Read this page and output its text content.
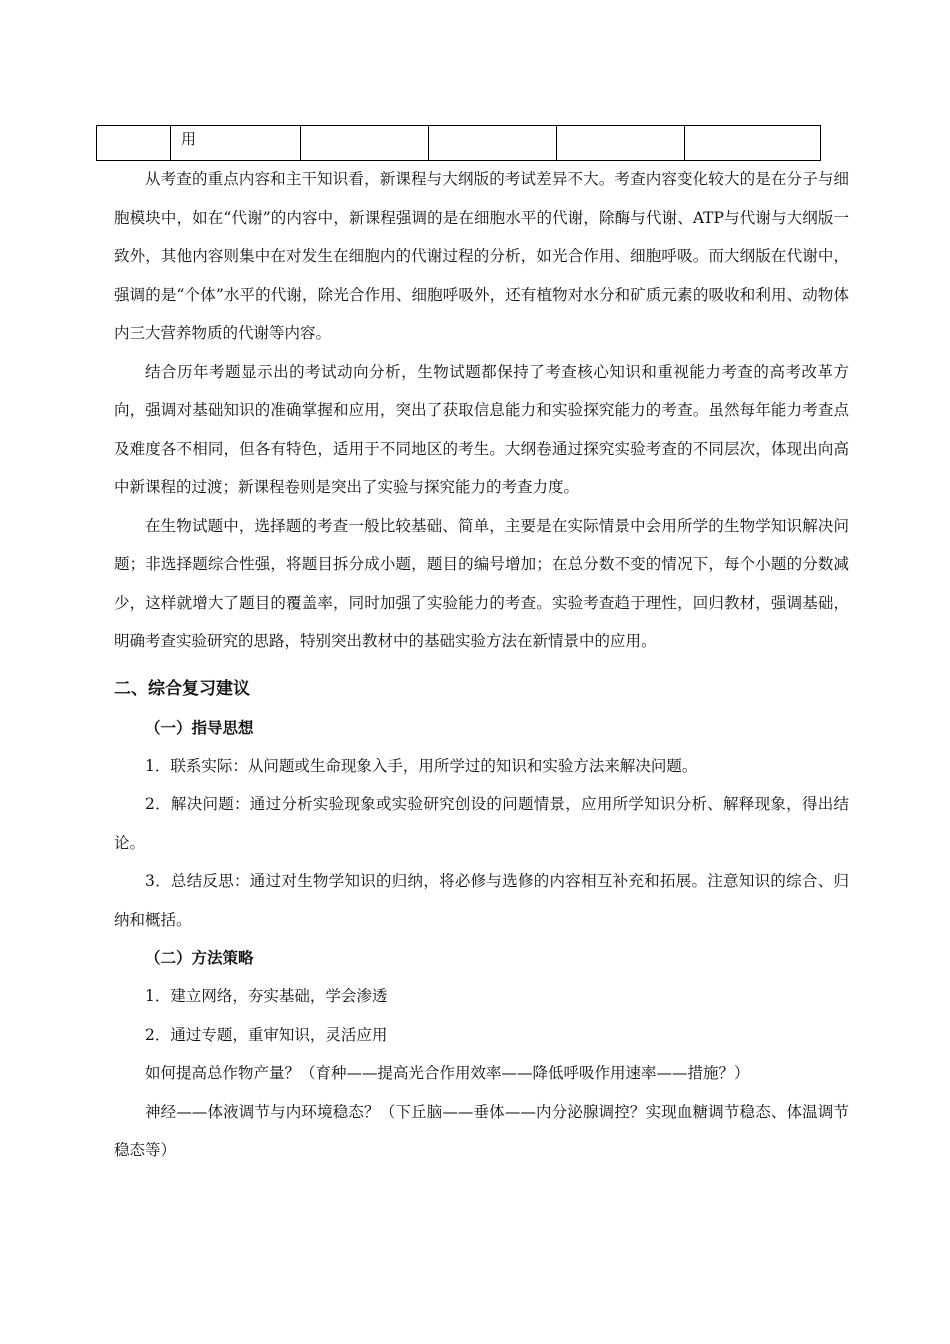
	用				

从考查的重点内容和主干知识看，新课程与大纲版的考试差异不大。考查内容变化较大的是在分子与细胞模块中，如在“代谢”的内容中，新课程强调的是在细胞水平的代谢，除酶与代谢、ATP与代谢与大纲版一致外，其他内容则集中在对发生在细胞内的代谢过程的分析，如光合作用、细胞呼吸。而大纲版在代谢中，强调的是“个体”水平的代谢，除光合作用、细胞呼吸外，还有植物对水分和矿质元素的吸收和利用、动物体内三大营养物质的代谢等内容。

结合历年考题显示出的考试动向分析，生物试题都保持了考查核心知识和重视能力考查的高考改革方向，强调对基础知识的准确掌握和应用，突出了获取信息能力和实验探究能力的考查。虽然每年能力考查点及难度各不相同，但各有特色，适用于不同地区的考生。大纲卷通过探究实验考查的不同层次，体现出向高中新课程的过渡；新课程卷则是突出了实验与探究能力的考查力度。

在生物试题中，选择题的考查一般比较基础、简单，主要是在实际情景中会用所学的生物学知识解决问题；非选择题综合性强，将题目拆分成小题，题目的编号增加；在总分数不变的情况下，每个小题的分数减少，这样就增大了题目的覆盖率，同时加强了实验能力的考查。实验考查趋于理性，回归教材，强调基础，明确考查实验研究的思路，特别突出教材中的基础实验方法在新情景中的应用。

二、综合复习建议
（一）指导思想

1．联系实际：从问题或生命现象入手，用所学过的知识和实验方法来解决问题。

2．解决问题：通过分析实验现象或实验研究创设的问题情景，应用所学知识分析、解释现象，得出结论。

3．总结反思：通过对生物学知识的归纳，将必修与选修的内容相互补充和拓展。注意知识的综合、归纳和概括。

（二）方法策略

1．建立网络，夯实基础，学会渗透

2．通过专题，重审知识，灵活应用

如何提高总作物产量？（育种——提高光合作用效率——降低呼吸作用速率——措施？）

神经——体液调节与内环境稳态？（下丘脑——垂体——内分泌腺调控？实现血糖调节稳态、体温调节稳态等）
